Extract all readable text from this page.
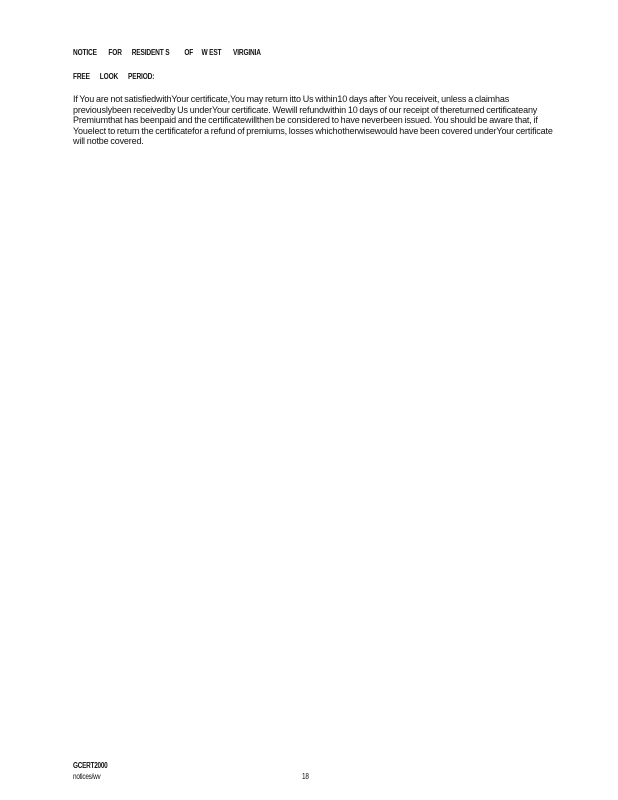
NOTICE       FOR      RESIDENT S         OF     W EST       VIRGINIA
FREE      LOOK      PERIOD:
If You are not satisfiedwithYour certificate,You may return itto Us within10 days after You receiveit, unless a claimhas previouslybeen receivedby Us underYour certificate. Wewill refundwithin 10 days of our receipt of thereturned certificateany Premiumthat has beenpaid and the certificatewillthen be considered to have neverbeen issued. You should be aware that, if Youelect to return the certificatefor a refund of premiums, losses whichotherwisewould have been covered underYour certificate will notbe covered.
GCERT2000
notices/wv	18
